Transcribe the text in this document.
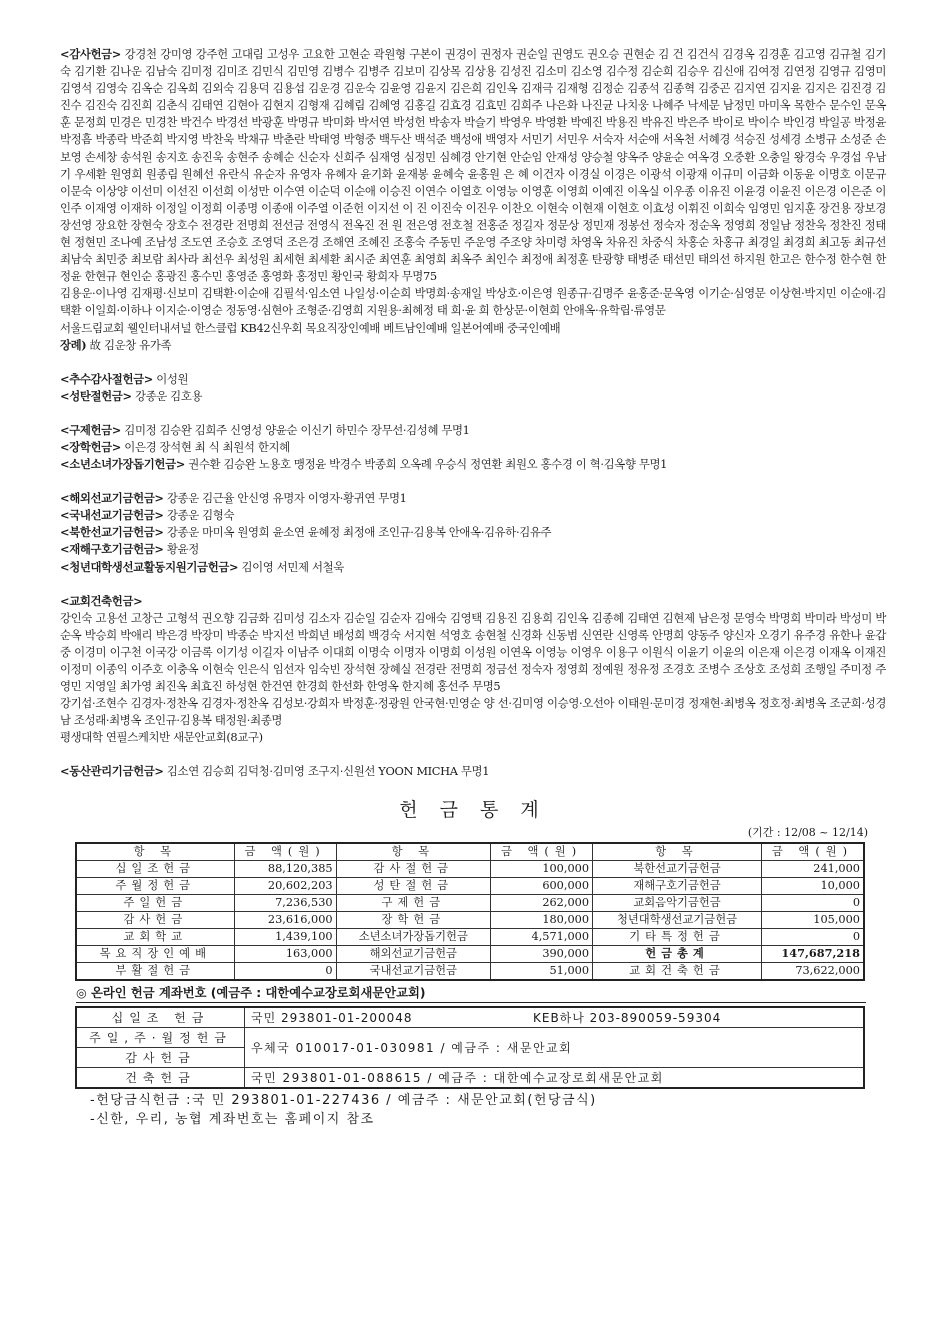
<감사헌금> 강경천 강미영 강주헌 고대림 고성우 고요한 고현순 곽원형 구본이 권경이 권정자 권순일 권영도 권오승 권현순 김 건 김건식 김경옥 김경훈 김고영 김규철 김기숙 김기환 김나운 김남숙 김미정 김미조 김민식 김민영 김병수 김병주 김보미 김상목 김상용 김성진 김소미 김소영 김수정 김순희 김승우 김신애 김여정 김연정 김영규 김영미 김영석 김영숙 김옥순 김옥희 김외숙 김용덕 김용섭 김운경 김운숙 김윤영 김윤지 김은희 김인옥 김재극 김재형 김정순 김종석 김종혁 김중곤 김지연 김지윤 김지은 김진경 김진수 김진숙 김진희 김춘식 김태연 김현아 김현지 김형재 김혜림 김혜영 김홍길 김효경 김효민 김희주 나은화 나진균 나치웅 나혜주 낙세문 남정민 마미옥 목한수 문수인 문옥훈 문정희 민경은 민경찬 박건수 박경선 박광훈 박명규 박미화 박서연 박성헌 박송자 박슬기 박영우 박영환 박예진 박용진 박유진 박은주 박이로 박이수 박인경 박일공 박정윤 박정흠 박종락 박준희 박지영 박찬욱 박채규 박춘란 박태영 박형중 백두산 백석준 백성애 백영자 서민기 서민우 서숙자 서순애 서옥천 서혜경 석승진 성세경 소병규 소성준 손보영 손세창 송석원 송지호 송진욱 송현주 송혜순 신순자 신희주 심재영 심정민 심혜경 안기현 안순임 안재성 양승철 양옥주 양윤순 여옥경 오중환 오충일 왕경숙 우경섭 우남기 우세환 원영희 원종림 원혜선 유란식 유순자 유영자 유혜자 윤기화 윤재봉 윤혜숙 윤홍원 은 혜 이건자 이경실 이경은 이광석 이광재 이규미 이금화 이동윤 이명호 이문규 이문숙 이상양 이선미 이선진 이선희 이성만 이수연 이순덕 이순애 이승진 이연수 이열호 이영능 이영훈 이영희 이예진 이옥실 이우종 이유진 이윤경 이윤진 이은경 이은준 이인주 이재영 이재하 이정일 이정희 이종명 이종애 이주열 이준헌 이지선 이 진 이진숙 이진우 이찬오 이현숙 이현재 이현호 이효성 이휘진 이희숙 임영민 임지훈 장건용 장보경 장선영 장요한 장현숙 장호수 전경란 전명희 전선금 전영식 전옥진 전 원 전은영 전호철 전홍준 정길자 정문상 정민재 정봉선 정숙자 정순옥 정영희 정일남 정찬욱 정찬진 정태현 정현민 조나예 조남성 조도연 조승호 조영덕 조은경 조해연 조혜진 조홍숙 주동민 주운영 주조양 차미령 차영옥 차유진 차중식 차홍순 차홍규 최경일 최경희 최고동 최규선 최남숙 최민중 최보람 최사라 최선우 최성원 최세현 최세환 최시준 최연훈 최영희 최옥주 최인수 최정애 최정훈 탄광향 태병준 태선민 태의선 하지원 한고은 한수정 한수현 한정윤 한현규 현인순 홍광진 홍수민 홍영준 홍영화 홍정민 황인국 황희자 무명75

김용운·이나영 김재평·신보미 김택환·이순애 김필석·임소연 나일성·이순희 박명희·송재일 박상호·이은영 원종규·김명주 윤홍준·문옥영 이기순·심영문 이상현·박지민 이순애·김택환 이일희·이하나 이지순·이영순 정동영·심현아 조형준·김영희 지원용·최혜정 태 희·윤 희 한상문·이현희 안애옥·유학립·류영문

서울드림교회 웰인터내셔널 한스클럽 KB42신우회 목요직장인예배 베트남인예배 일본어예배 중국인예배

장례) 故 김운창 유가족

<추수감사절헌금> 이성원

<성탄절헌금> 강종운 김호용

<구제헌금> 김미정 김승완 김희주 신영성 양윤순 이신기 하민수 장무선·김성혜 무명1

<장학헌금> 이은경 장석현 최 식 최원석 한지혜

<소년소녀가장돕기헌금> 권수환 김승완 노용호 맹정윤 박경수 박종희 오옥례 우승식 정연환 최원오 홍수경 이 혁·김옥향 무명1

<해외선교기금헌금> 강종운 김근율 안신영 유명자 이영자·황귀연 무명1

<국내선교기금헌금> 강종운 김형숙

<북한선교기금헌금> 강종운 마미옥 원영희 윤소연 윤혜정 최정애 조인규·김용복 안애옥·김유하·김유주

<재해구호기금헌금> 황윤정

<청년대학생선교활동지원기금헌금> 김이영 서민제 서철욱

<교회건축헌금>

강인숙 고용선 고창근 고형석 권오향 김금화 김미성 김소자 김순일 김순자 김애숙 김영택 김용진 김용희 김인옥 김종혜 김태연 김현제 남은정 문영숙 박명희 박미라 박성미 박순옥 박승희 박애리 박은경 박장미 박종순 박지선 박희년 배성희 백경숙 서지현 석영호 송현철 신경화 신동범 신연란 신영록 안명희 양동주 양신자 오경기 유주경 유한나 윤갑중 이경미 이구천 이국강 이금록 이기성 이길자 이남주 이대희 이명숙 이명자 이명희 이성원 이연옥 이영능 이영우 이용구 이원식 이윤기 이윤의 이은재 이은경 이재옥 이재진 이정미 이종익 이주호 이충옥 이현숙 인은식 임선자 임숙빈 장석현 장혜실 전경란 전명희 정금선 정숙자 정영희 정예원 정유정 조경호 조병수 조상호 조성희 조행일 주미정 주영민 지영일 최가영 최진옥 최효진 하성현 한건연 한경희 한선화 한영옥 한지혜 홍선주 무명5

강기섭·조현수 김경자·정찬옥 김경자·정찬옥 김성보·강희자 박정훈·정광원 안국현·민영순 양 선·김미영 이승영·오선아 이태원·문미경 정재현·최병옥 정호정·최병옥 조군희·성경남 조성래·최병옥 조인규·김용복 태정원·최종명

평생대학 연필스케치반 새문안교회(8교구)

<동산관리기금헌금> 김소연 김승희 김덕청·김미영 조구지·신원선 YOON MICHA 무명1

헌 금 통 계
(기간 : 12/08 ~ 12/14)
항 목	금 액(원)	항 목	금 액(원)	항 목	금 액(원)
십일조헌금	88,120,385	감사절헌금	100,000	북한선교기금헌금	241,000
주월정헌금	20,602,203	성탄절헌금	600,000	재해구호기금헌금	10,000
주일헌금	7,236,530	구제헌금	262,000	교회음악기금헌금	0
감사헌금	23,616,000	장학헌금	180,000	청년대학생선교기금헌금	105,000
교회학교	1,439,100	소년소녀가장돕기헌금	4,571,000	기타특정헌금	0
목요직장인예배	163,000	해외선교기금헌금	390,000	헌금총계	147,687,218
부활절헌금	0	국내선교기금헌금	51,000	교회건축헌금	73,622,000
◎ 온라인 헌금 계좌번호 (예금주 : 대한예수교장로회새문안교회)
십일조 헌금	국민 293801-01-200048	KEB하나 203-890059-59304
주일,주·월정헌금	우체국 010017-01-030981 / 예금주 : 새문안교회	
감사헌금		
건축헌금	국민 293801-01-088615 / 예금주 : 대한예수교장로회새문안교회	
-헌당금식헌금 :국 민 293801-01-227436 / 예금주 : 새문안교회(헌당금식)
-신한, 우리, 농협 계좌번호는 홈페이지 참조
